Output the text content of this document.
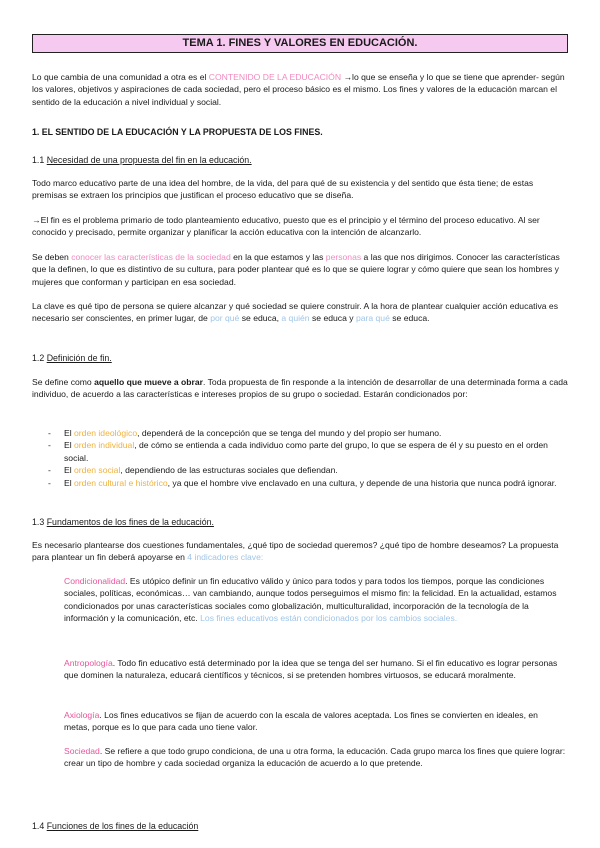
TEMA 1. FINES Y VALORES EN EDUCACIÓN.

Lo que cambia de una comunidad a otra es el CONTENIDO DE LA EDUCACIÓN →lo que se enseña y lo que se tiene que aprender- según los valores, objetivos y aspiraciones de cada sociedad, pero el proceso básico es el mismo. Los fines y valores de la educación marcan el sentido de la educación a nivel individual y social.

1. EL SENTIDO DE LA EDUCACIÓN Y LA PROPUESTA DE LOS FINES.
1.1 Necesidad de una propuesta del fin en la educación.

Todo marco educativo parte de una idea del hombre, de la vida, del para qué de su existencia y del sentido que ésta tiene; de estas premisas se extraen los principios que justifican el proceso educativo que se diseña.

→El fin es el problema primario de todo planteamiento educativo, puesto que es el principio y el término del proceso educativo. Al ser conocido y precisado, permite organizar y planificar la acción educativa con la intención de alcanzarlo.

Se deben conocer las características de la sociedad en la que estamos y las personas a las que nos dirigimos. Conocer las características que la definen, lo que es distintivo de su cultura, para poder plantear qué es lo que se quiere lograr y cómo quiere que sean los hombres y mujeres que conforman y participan en esa sociedad.

La clave es qué tipo de persona se quiere alcanzar y qué sociedad se quiere construir. A la hora de plantear cualquier acción educativa es necesario ser conscientes, en primer lugar, de por qué se educa, a quién se educa y para qué se educa.

1.2 Definición de fin.

Se define como aquello que mueve a obrar. Toda propuesta de fin responde a la intención de desarrollar de una determinada forma a cada individuo, de acuerdo a las características e intereses propios de su grupo o sociedad. Estarán condicionados por:

- El orden ideológico, dependerá de la concepción que se tenga del mundo y del propio ser humano.
- El orden individual, de cómo se entienda a cada individuo como parte del grupo, lo que se espera de él y su puesto en el orden social.
- El orden social, dependiendo de las estructuras sociales que defiendan.
- El orden cultural e histórico, ya que el hombre vive enclavado en una cultura, y depende de una historia que nunca podrá ignorar.
1.3 Fundamentos de los fines de la educación.

Es necesario plantearse dos cuestiones fundamentales, ¿qué tipo de sociedad queremos? ¿qué tipo de hombre deseamos? La propuesta para plantear un fin deberá apoyarse en 4 indicadores clave:

Condicionalidad. Es utópico definir un fin educativo válido y único para todos y para todos los tiempos, porque las condiciones sociales, políticas, económicas… van cambiando, aunque todos perseguimos el mismo fin: la felicidad. En la actualidad, estamos condicionados por unas características sociales como globalización, multiculturalidad, incorporación de la tecnología de la información y la comunicación, etc. Los fines educativos están condicionados por los cambios sociales.

Antropología. Todo fin educativo está determinado por la idea que se tenga del ser humano. Si el fin educativo es lograr personas que dominen la naturaleza, educará científicos y técnicos, si se pretenden hombres virtuosos, se educará moralmente.

Axiología. Los fines educativos se fijan de acuerdo con la escala de valores aceptada. Los fines se convierten en ideales, en metas, porque es lo que para cada uno tiene valor.

Sociedad. Se refiere a que todo grupo condiciona, de una u otra forma, la educación. Cada grupo marca los fines que quiere lograr: crear un tipo de hombre y cada sociedad organiza la educación de acuerdo a lo que pretende.

1.4 Funciones de los fines de la educación
